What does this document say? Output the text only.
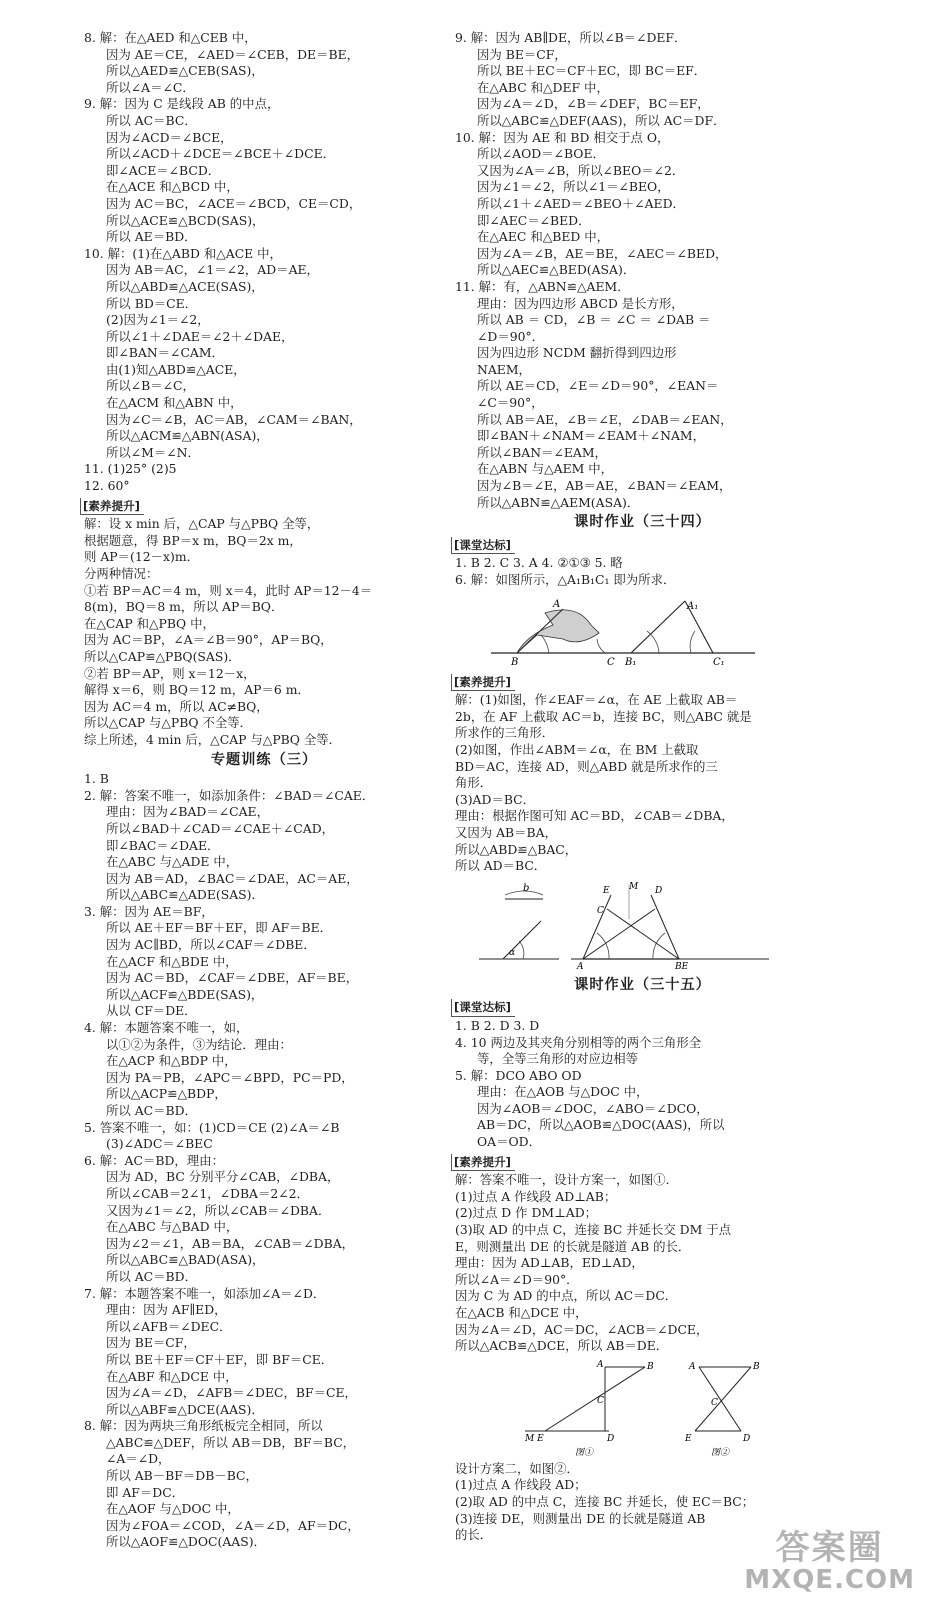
8. 解：在△AED 和△CEB 中，
因为 AE＝CE，∠AED＝∠CEB，DE＝BE，
所以△AED≌△CEB(SAS)，
所以∠A＝∠C．
9. 解：因为 C 是线段 AB 的中点，
所以 AC＝BC．
因为∠ACD＝∠BCE，
所以∠ACD＋∠DCE＝∠BCE＋∠DCE．
即∠ACE＝∠BCD．
在△ACE 和△BCD 中，
因为 AC＝BC，∠ACE＝∠BCD，CE＝CD，
所以△ACE≌△BCD(SAS)，
所以 AE＝BD．
10. 解：(1)在△ABD 和△ACE 中，
因为 AB＝AC，∠1＝∠2，AD＝AE，
所以△ABD≌△ACE(SAS)，
所以 BD＝CE．
(2)因为∠1＝∠2，
所以∠1＋∠DAE＝∠2＋∠DAE，
即∠BAN＝∠CAM．
由(1)知△ABD≌△ACE，
所以∠B＝∠C，
在△ACM 和△ABN 中，
因为∠C＝∠B，AC＝AB，∠CAM＝∠BAN，
所以△ACM≌△ABN(ASA)，
所以∠M＝∠N．
11. (1)25° (2)5
12. 60°
[素养提升]
解：设 x min 后，△CAP 与△PBQ 全等，
根据题意，得 BP＝x m，BQ＝2x m，
则 AP＝(12－x)m．
分两种情况：
①若 BP＝AC＝4 m，则 x＝4，此时 AP＝12－4＝
8(m)，BQ＝8 m，所以 AP＝BQ．
在△CAP 和△PBQ 中，
因为 AC＝BP，∠A＝∠B＝90°，AP＝BQ，
所以△CAP≌△PBQ(SAS)．
②若 BP＝AP，则 x＝12－x，
解得 x＝6，则 BQ＝12 m，AP＝6 m．
因为 AC＝4 m，所以 AC≠BQ，
所以△CAP 与△PBQ 不全等．
综上所述，4 min 后，△CAP 与△PBQ 全等．
专题训练（三）
1. B
2. 解：答案不唯一，如添加条件：∠BAD＝∠CAE．
理由：因为∠BAD＝∠CAE，
所以∠BAD＋∠CAD＝∠CAE＋∠CAD，
即∠BAC＝∠DAE．
在△ABC 与△ADE 中，
因为 AB＝AD，∠BAC＝∠DAE，AC＝AE，
所以△ABC≌△ADE(SAS)．
3. 解：因为 AE＝BF，
所以 AE＋EF＝BF＋EF，即 AF＝BE．
因为 AC∥BD，所以∠CAF＝∠DBE．
在△ACF 和△BDE 中，
因为 AC＝BD，∠CAF＝∠DBE，AF＝BE，
所以△ACF≌△BDE(SAS)，
从以 CF＝DE．
4. 解：本题答案不唯一，如，
以①②为条件，③为结论．理由：
在△ACP 和△BDP 中，
因为 PA＝PB，∠APC＝∠BPD，PC＝PD，
所以△ACP≌△BDP，
所以 AC＝BD．
5. 答案不唯一，如：(1)CD＝CE (2)∠A＝∠B
(3)∠ADC＝∠BEC
6. 解：AC＝BD，理由：
因为 AD，BC 分别平分∠CAB，∠DBA，
所以∠CAB＝2∠1，∠DBA＝2∠2．
又因为∠1＝∠2，所以∠CAB＝∠DBA．
在△ABC 与△BAD 中，
因为∠2＝∠1，AB＝BA，∠CAB＝∠DBA，
所以△ABC≌△BAD(ASA)，
所以 AC＝BD．
7. 解：本题答案不唯一，如添加∠A＝∠D．
理由：因为 AF∥ED，
所以∠AFB＝∠DEC．
因为 BE＝CF，
所以 BE＋EF＝CF＋EF，即 BF＝CE．
在△ABF 和△DCE 中，
因为∠A＝∠D，∠AFB＝∠DEC，BF＝CE，
所以△ABF≌△DCE(AAS)．
8. 解：因为两块三角形纸板完全相同，所以
△ABC≌△DEF，所以 AB＝DB，BF＝BC，
∠A＝∠D，
所以 AB－BF＝DB－BC，
即 AF＝DC．
在△AOF 与△DOC 中，
因为∠FOA＝∠COD，∠A＝∠D，AF＝DC，
所以△AOF≌△DOC(AAS)．
9. 解：因为 AB∥DE，所以∠B＝∠DEF．
因为 BE＝CF，
所以 BE＋EC＝CF＋EC，即 BC＝EF．
在△ABC 和△DEF 中，
因为∠A＝∠D，∠B＝∠DEF，BC＝EF，
所以△ABC≌△DEF(AAS)，所以 AC＝DF．
10. 解：因为 AE 和 BD 相交于点 O，
所以∠AOD＝∠BOE．
又因为∠A＝∠B，所以∠BEO＝∠2．
因为∠1＝∠2，所以∠1＝∠BEO，
所以∠1＋∠AED＝∠BEO＋∠AED．
即∠AEC＝∠BED．
在△AEC 和△BED 中，
因为∠A＝∠B，AE＝BE，∠AEC＝∠BED，
所以△AEC≌△BED(ASA)．
11. 解：有，△ABN≌△AEM．
理由：因为四边形 ABCD 是长方形，
所以 AB ＝ CD，∠B ＝ ∠C ＝ ∠DAB ＝
∠D＝90°．
因为四边形 NCDM 翻折得到四边形
NAEM，
所以 AE＝CD，∠E＝∠D＝90°，∠EAN＝
∠C＝90°，
所以 AB＝AE，∠B＝∠E，∠DAB＝∠EAN，
即∠BAN＋∠NAM＝∠EAM＋∠NAM，
所以∠BAN＝∠EAM，
在△ABN 与△AEM 中，
因为∠B＝∠E，AB＝AE，∠BAN＝∠EAM，
所以△ABN≌△AEM(ASA)．
课时作业（三十四）
[课堂达标]
1. B 2. C 3. A 4. ②①③ 5. 略
6. 解：如图所示，△A₁B₁C₁ 即为所求．
B	C
A
B₁	C₁
A₁
[素养提升]
解：(1)如图，作∠EAF＝∠α，在 AE 上截取 AB＝
2b，在 AF 上截取 AC＝b，连接 BC，则△ABC 就是
所求作的三角形．
(2)如图，作出∠ABM＝∠α，在 BM 上截取
BD＝AC，连接 AD，则△ABD 就是所求作的三
角形．
(3)AD＝BC．
理由：根据作图可知 AC＝BD，∠CAB＝∠DBA，
又因为 AB＝BA，
所以△ABD≌△BAC，
所以 AD＝BC．
b
α
A	BE
E	D
C
M
课时作业（三十五）
[课堂达标]
1. B 2. D 3. D
4. 10 两边及其夹角分别相等的两个三角形全
等，全等三角形的对应边相等
5. 解：DCO ABO OD
理由：在△AOB 与△DOC 中，
因为∠AOB＝∠DOC，∠ABO＝∠DCO，
AB＝DC，所以△AOB≌△DOC(AAS)，所以
OA＝OD．
[素养提升]
解：答案不唯一，设计方案一，如图①．
(1)过点 A 作线段 AD⊥AB；
(2)过点 D 作 DM⊥AD；
(3)取 AD 的中点 C，连接 BC 并延长交 DM 于点
E，则测量出 DE 的长就是隧道 AB 的长．
理由：因为 AD⊥AB，ED⊥AD，
所以∠A＝∠D＝90°．
因为 C 为 AD 的中点，所以 AC＝DC．
在△ACB 和△DCE 中，
因为∠A＝∠D，AC＝DC，∠ACB＝∠DCE，
所以△ACB≌△DCE，所以 AB＝DE．
A	B
C
D
M E
图①
A	B
C
E	D
图②
设计方案二，如图②．
(1)过点 A 作线段 AD；
(2)取 AD 的中点 C，连接 BC 并延长，使 EC＝BC；
(3)连接 DE，则测量出 DE 的长就是隧道 AB
的长．	答案圈
MXQE.COM
